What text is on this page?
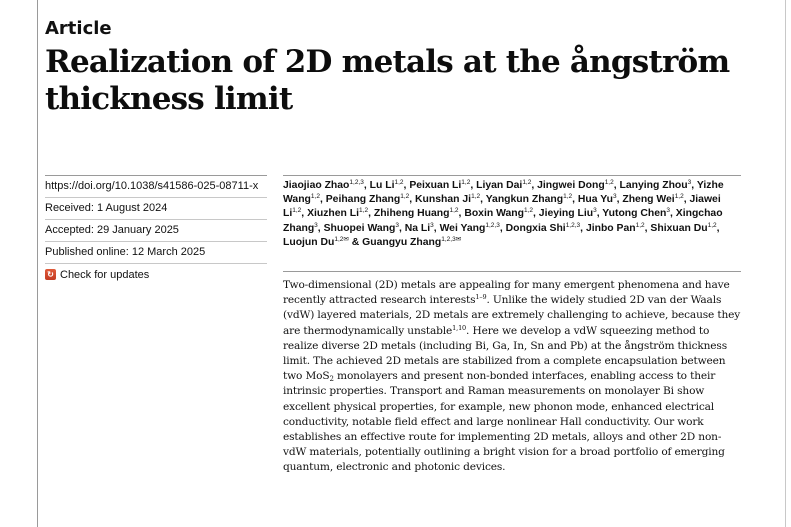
Article
Realization of 2D metals at the ångström thickness limit
https://doi.org/10.1038/s41586-025-08711-x
Received: 1 August 2024
Accepted: 29 January 2025
Published online: 12 March 2025
↻ Check for updates
Jiaojiao Zhao$^{1,2,3}$, Lu Li$^{1,2}$, Peixuan Li$^{1,2}$, Liyan Dai$^{1,2}$, Jingwei Dong$^{1,2}$, Lanying Zhou$^3$, Yizhe Wang$^{1,2}$, Peihang Zhang$^{1,2}$, Kunshan Ji$^{1,2}$, Yangkun Zhang$^{1,2}$, Hua Yu$^3$, Zheng Wei$^{1,2}$, Jiawei Li$^{1,2}$, Xiuzhen Li$^{1,2}$, Zhiheng Huang$^{1,2}$, Boxin Wang$^{1,2}$, Jieying Liu$^3$, Yutong Chen$^3$, Xingchao Zhang$^3$, Shuopei Wang$^3$, Na Li$^3$, Wei Yang$^{1,2,3}$, Dongxia Shi$^{1,2,3}$, Jinbo Pan$^{1,2}$, Shixuan Du$^{1,2}$, Luojun $Du^{1,2✉}$ & Guangyu Zhang$^{1,2,3✉}$
Two-dimensional (2D) metals are appealing for many emergent phenomena and have recently attracted research interests$^{1-9}$. Unlike the widely studied 2D van der Waals (vdW) layered materials, 2D metals are extremely challenging to achieve, because they are thermodynamically unstable$^{1,10}$. Here we develop a vdW squeezing method to realize diverse 2D metals (including Bi, Ga, In, Sn and Pb) at the ångström thickness limit. The achieved 2D metals are stabilized from a complete encapsulation between two MoS$_2$ monolayers and present non-bonded interfaces, enabling access to their intrinsic properties. Transport and Raman measurements on monolayer Bi show excellent physical properties, for example, new phonon mode, enhanced electrical conductivity, notable field effect and large nonlinear Hall conductivity. Our work establishes an effective route for implementing 2D metals, alloys and other 2D non-vdW materials, potentially outlining a bright vision for a broad portfolio of emerging quantum, electronic and photonic devices.
